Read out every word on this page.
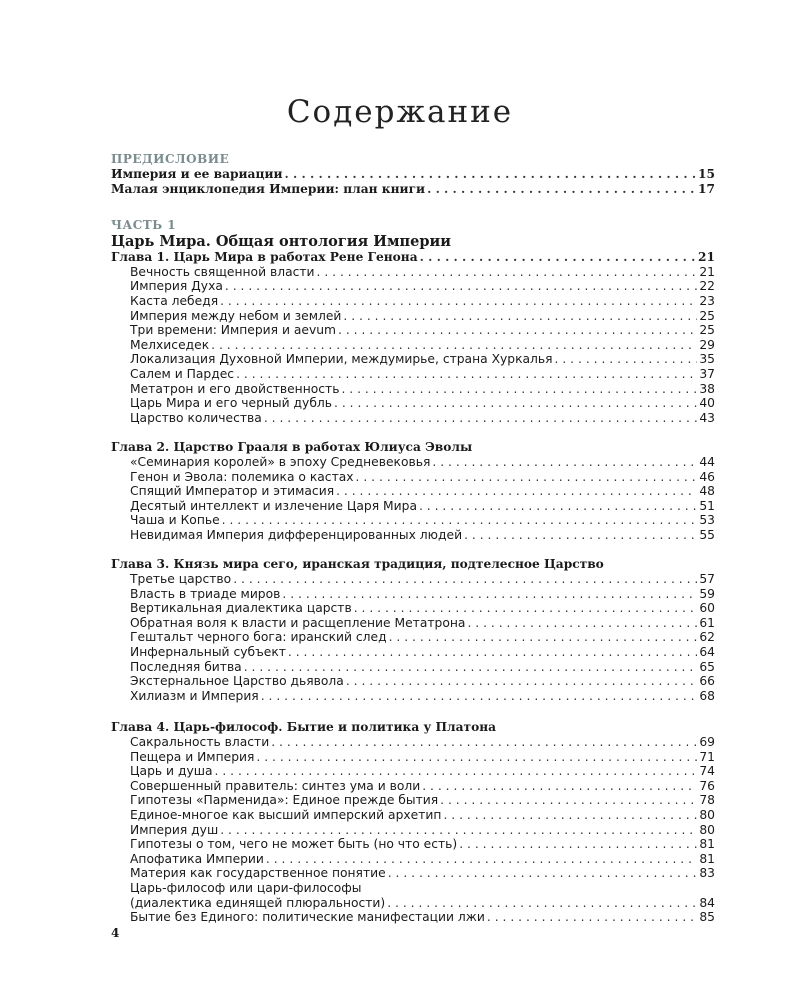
Содержание
ПРЕДИСЛОВИЕ
Империя и ее вариации . . .	15
Малая энциклопедия Империи: план книги . . .	17
ЧАСТЬ 1
Царь Мира. Общая онтология Империи
Глава 1. Царь Мира в работах Рене Генона . . .	21
Вечность священной власти . . .	21
Империя Духа . . .	22
Каста лебедя . . .	23
Империя между небом и землей . . .	25
Три времени: Империя и aevum . . .	25
Мелхиседек . . .	29
Локализация Духовной Империи, междумирье, страна Хуркалья . . .	35
Салем и Пардес . . .	37
Метатрон и его двойственность . . .	38
Царь Мира и его черный дубль . . .	40
Царство количества . . .	43
Глава 2. Царство Грааля в работах Юлиуса Эволы
«Семинария королей» в эпоху Средневековья . . .	44
Генон и Эвола: полемика о кастах . . .	46
Спящий Император и этимасия . . .	48
Десятый интеллект и излечение Царя Мира . . .	51
Чаша и Копье . . .	53
Невидимая Империя дифференцированных людей . . .	55
Глава 3. Князь мира сего, иранская традиция, подтелесное Царство
Третье царство . . .	57
Власть в триаде миров . . .	59
Вертикальная диалектика царств . . .	60
Обратная воля к власти и расщепление Метатрона . . .	61
Гештальт черного бога: иранский след . . .	62
Инфернальный субъект . . .	64
Последняя битва . . .	65
Экстернальное Царство дьявола . . .	66
Хилиазм и Империя . . .	68
Глава 4. Царь-философ. Бытие и политика у Платона
Сакральность власти . . .	69
Пещера и Империя . . .	71
Царь и душа . . .	74
Совершенный правитель: синтез ума и воли . . .	76
Гипотезы «Парменида»: Единое прежде бытия . . .	78
Единое-многое как высший имперский архетип . . .	80
Империя душ . . .	80
Гипотезы о том, чего не может быть (но что есть) . . .	81
Апофатика Империи . . .	81
Материя как государственное понятие . . .	83
Царь-философ или цари-философы
(диалектика единящей плюральности) . . .	84
Бытие без Единого: политические манифестации лжи . . .	85
4
